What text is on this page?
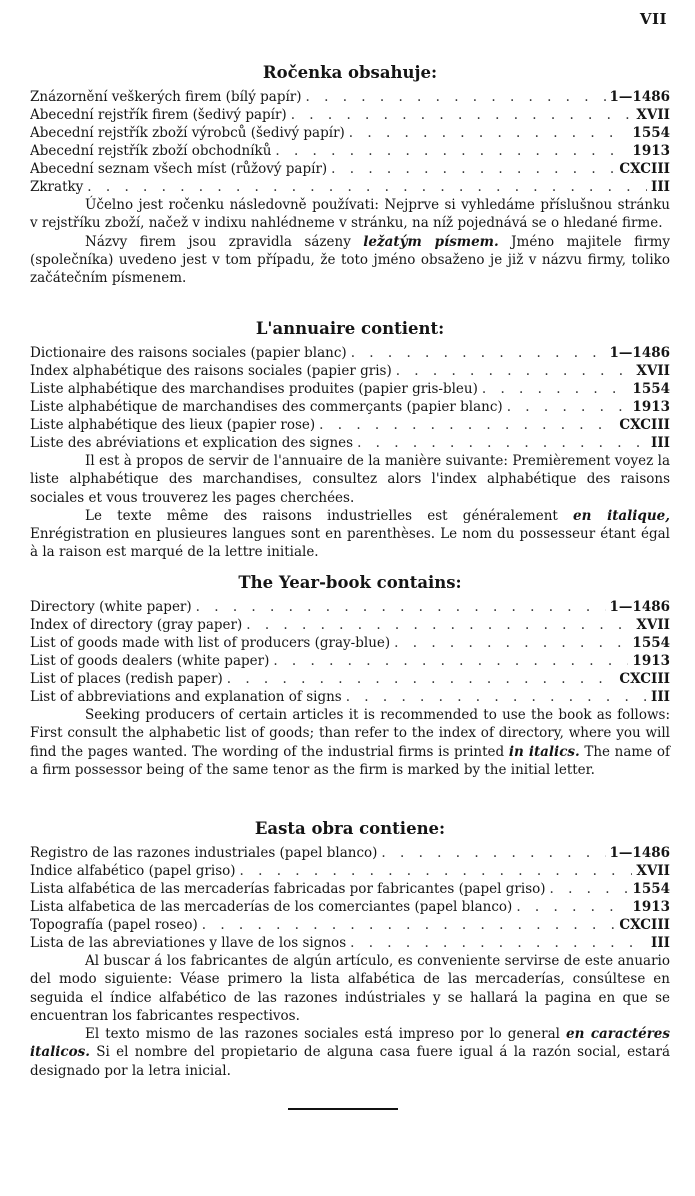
VII
Ročenka obsahuje:
Znázornění veškerých firem (bílý papír) . . .	1—1486
Abecední rejstřík firem (šedivý papír) . . .	XVII
Abecední rejstřík zboží výrobců (šedivý papír) . . .	1554
Abecední rejstřík zboží obchodníků . . .	1913
Abecední seznam všech míst (růžový papír) . . .	CXCIII
Zkratky . . .	III

Účelno jest ročenku následovně používati: Nejprve si vyhledáme příslušnou stránku v rejstříku zboží, načež v indixu nahlédneme v stránku, na níž pojednává se o hledané firme.

Názvy firem jsou zpravidla sázeny ležatým písmem. Jméno majitele firmy (společníka) uvedeno jest v tom případu, že toto jméno obsaženo je již v názvu firmy, toliko začátečním písmenem.

L'annuaire contient:
Dictionaire des raisons sociales (papier blanc) . . .	1—1486
Index alphabétique des raisons sociales (papier gris) . . .	XVII
Liste alphabétique des marchandises produites (papier gris-bleu) . . .	1554
Liste alphabétique de marchandises des commerçants (papier blanc) . . .	1913
Liste alphabétique des lieux (papier rose) . . .	CXCIII
Liste des abréviations et explication des signes . . .	III

Il est à propos de servir de l'annuaire de la manière suivante: Premièrement voyez la liste alphabétique des marchandises, consultez alors l'index alphabétique des raisons sociales et vous trouverez les pages cherchées.

Le texte même des raisons industrielles est généralement en italique, Enrégistration en plusieures langues sont en parenthèses. Le nom du possesseur étant égal à la raison est marqué de la lettre initiale.

The Year-book contains:
Directory (white paper) . . .	1—1486
Index of directory (gray paper) . . .	XVII
List of goods made with list of producers (gray-blue) . . .	1554
List of goods dealers (white paper) . . .	1913
List of places (redish paper) . . .	CXCIII
List of abbreviations and explanation of signs . . .	III

Seeking producers of certain articles it is recommended to use the book as follows: First consult the alphabetic list of goods; than refer to the index of directory, where you will find the pages wanted. The wording of the industrial firms is printed in italics. The name of a firm possessor being of the same tenor as the firm is marked by the initial letter.

Easta obra contiene:
Registro de las razones industriales (papel blanco) . . .	1—1486
Indice alfabético (papel griso) . . .	XVII
Lista alfabética de las mercaderías fabricadas por fabricantes (papel griso) . . .	1554
Lista alfabetica de las mercaderías de los comerciantes (papel blanco) . . .	1913
Topografía (papel roseo) . . .	CXCIII
Lista de las abreviationes y llave de los signos . . .	III

Al buscar á los fabricantes de algún artículo, es conveniente servirse de este anuario del modo siguiente: Véase primero la lista alfabética de las mercaderías, consúltese en seguida el índice alfabético de las razones indústriales y se hallará la pagina en que se encuentran los fabricantes respectivos.

El texto mismo de las razones sociales está impreso por lo general en caractéres italicos. Si el nombre del propietario de alguna casa fuere igual á la razón social, estará designado por la letra inicial.
